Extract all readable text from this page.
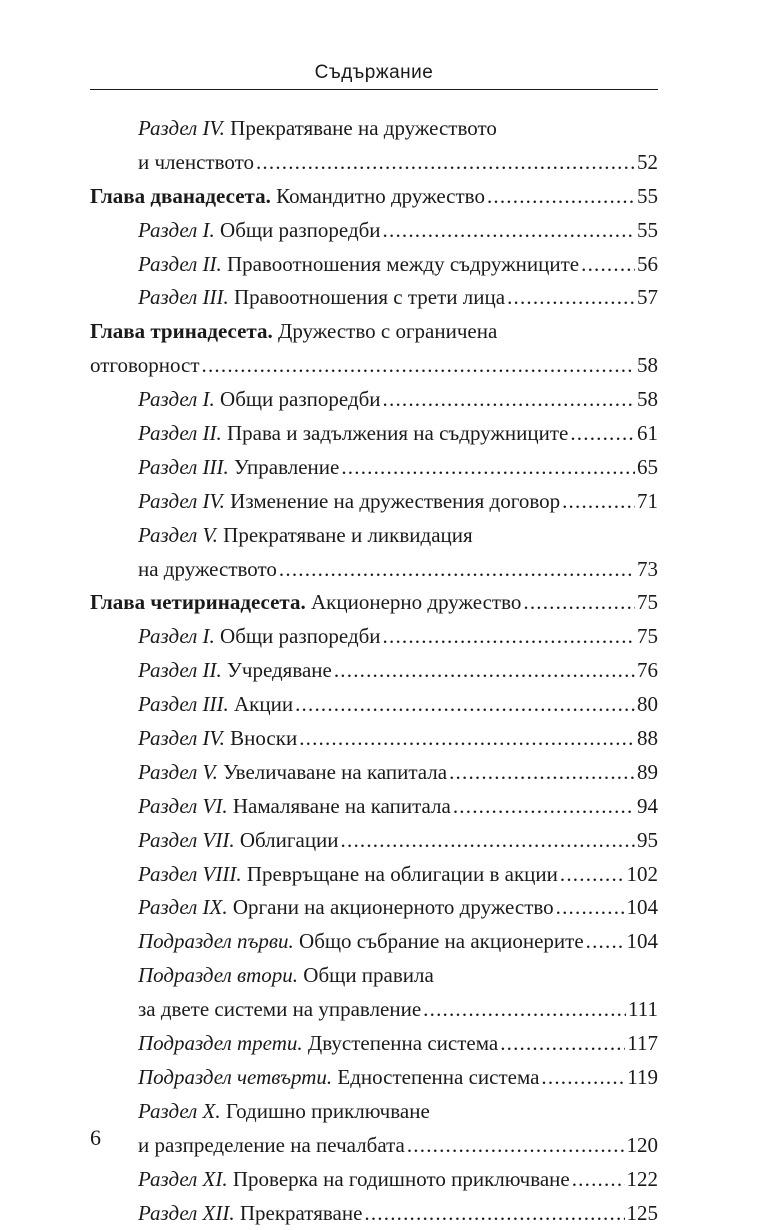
Съдържание
Раздел IV. Прекратяване на дружеството
и членството .....	52
Глава дванадесета. Командитно дружество .....	55
Раздел I. Общи разпоредби .....	55
Раздел II. Правоотношения между съдружниците .....	56
Раздел III. Правоотношения с трети лица .....	57
Глава тринадесета. Дружество с ограничена
отговорност .....	58
Раздел I. Общи разпоредби .....	58
Раздел II. Права и задължения на съдружниците .....	61
Раздел III. Управление .....	65
Раздел IV. Изменение на дружествения договор .....	71
Раздел V. Прекратяване и ликвидация
на дружеството .....	73
Глава четиринадесета. Акционерно дружество .....	75
Раздел I. Общи разпоредби .....	75
Раздел II. Учредяване .....	76
Раздел III. Акции .....	80
Раздел IV. Вноски .....	88
Раздел V. Увеличаване на капитала .....	89
Раздел VI. Намаляване на капитала .....	94
Раздел VII. Облигации .....	95
Раздел VIII. Превръщане на облигации в акции .....	102
Раздел IX. Органи на акционерното дружество .....	104
Подраздел първи. Общо събрание на акционерите ..... 104
Подраздел втори. Общи правила
за двете системи на управление .....	111
Подраздел трети. Двустепенна система .....	117
Подраздел четвърти. Едностепенна система .....	119
Раздел X. Годишно приключване
и разпределение на печалбата .....	120
Раздел XI. Проверка на годишното приключване .....	122
Раздел XII. Прекратяване .....	125
6
